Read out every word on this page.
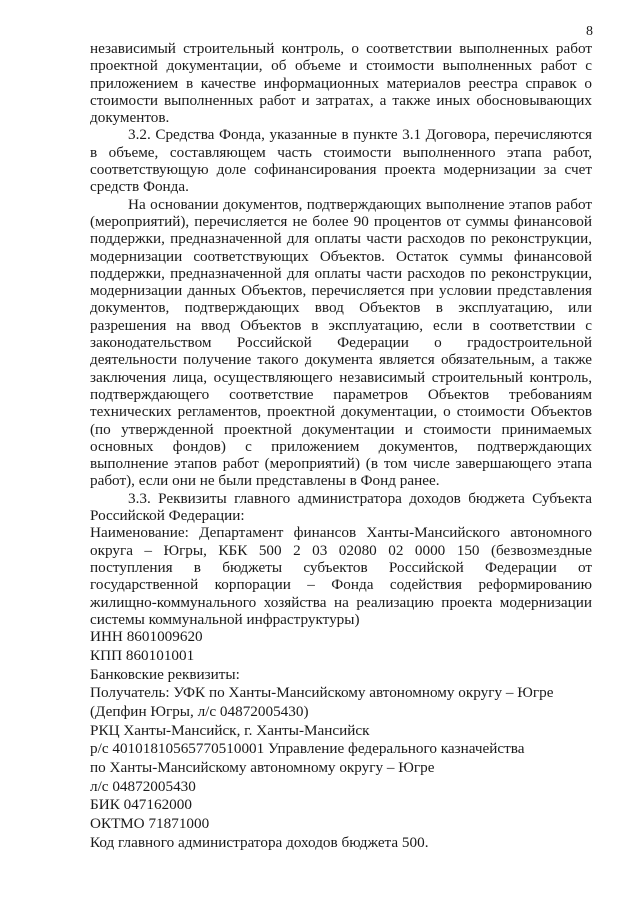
8

независимый строительный контроль, о соответствии выполненных работ проектной документации, об объеме и стоимости выполненных работ с приложением в качестве информационных материалов реестра справок о стоимости выполненных работ и затратах, а также иных обосновывающих документов.

3.2. Средства Фонда, указанные в пункте 3.1 Договора, перечисляются в объеме, составляющем часть стоимости выполненного этапа работ, соответствующую доле софинансирования проекта модернизации за счет средств Фонда.

На основании документов, подтверждающих выполнение этапов работ (мероприятий), перечисляется не более 90 процентов от суммы финансовой поддержки, предназначенной для оплаты части расходов по реконструкции, модернизации соответствующих Объектов. Остаток суммы финансовой поддержки, предназначенной для оплаты части расходов по реконструкции, модернизации данных Объектов, перечисляется при условии представления документов, подтверждающих ввод Объектов в эксплуатацию, или разрешения на ввод Объектов в эксплуатацию, если в соответствии с законодательством Российской Федерации о градостроительной деятельности получение такого документа является обязательным, а также заключения лица, осуществляющего независимый строительный контроль, подтверждающего соответствие параметров Объектов требованиям технических регламентов, проектной документации, о стоимости Объектов (по утвержденной проектной документации и стоимости принимаемых основных фондов) с приложением документов, подтверждающих выполнение этапов работ (мероприятий) (в том числе завершающего этапа работ), если они не были представлены в Фонд ранее.

3.3. Реквизиты главного администратора доходов бюджета Субъекта Российской Федерации:

Наименование: Департамент финансов Ханты-Мансийского автономного округа – Югры, КБК 500 2 03 02080 02 0000 150 (безвозмездные поступления в бюджеты субъектов Российской Федерации от государственной корпорации – Фонда содействия реформированию жилищно-коммунального хозяйства на реализацию проекта модернизации системы коммунальной инфраструктуры)

ИНН 8601009620

КПП 860101001

Банковские реквизиты:

Получатель: УФК по Ханты-Мансийскому автономному округу – Югре

(Депфин Югры, л/с 04872005430)

РКЦ Ханты-Мансийск, г. Ханты-Мансийск

р/с 40101810565770510001 Управление федерального казначейства

по Ханты-Мансийскому автономному округу – Югре

л/с 04872005430

БИК 047162000

ОКТМО 71871000

Код главного администратора доходов бюджета 500.
